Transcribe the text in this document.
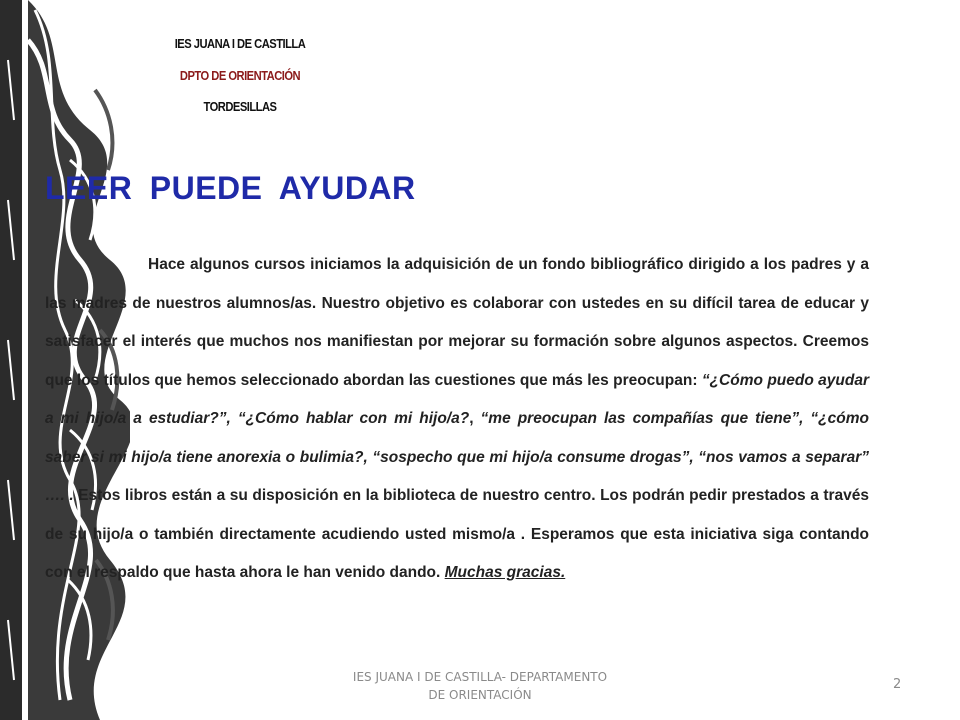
IES JUANA I DE CASTILLA
DPTO DE ORIENTACIÓN
TORDESILLAS
LEER PUEDE AYUDAR

Hace algunos cursos iniciamos la adquisición de un fondo bibliográfico dirigido a los padres y a las madres de nuestros alumnos/as. Nuestro objetivo es colaborar con ustedes en su difícil tarea de educar y satisfacer el interés que muchos nos manifiestan por mejorar su formación sobre algunos aspectos. Creemos que los títulos que hemos seleccionado abordan las cuestiones que más les preocupan: “¿Cómo puedo ayudar a mi hijo/a a estudiar?”, “¿Cómo hablar con mi hijo/a?, “me preocupan las compañías que tiene”, “¿cómo saber si mi hijo/a tiene anorexia o bulimia?, “sospecho que mi hijo/a consume drogas”, “nos vamos a separar” …. . Estos libros están a su disposición en la biblioteca de nuestro centro. Los podrán pedir prestados a través de su hijo/a o también directamente acudiendo usted mismo/a . Esperamos que esta iniciativa siga contando con el respaldo que hasta ahora le han venido dando. Muchas gracias.

IES JUANA I DE CASTILLA- DEPARTAMENTO
DE ORIENTACIÓN
2
